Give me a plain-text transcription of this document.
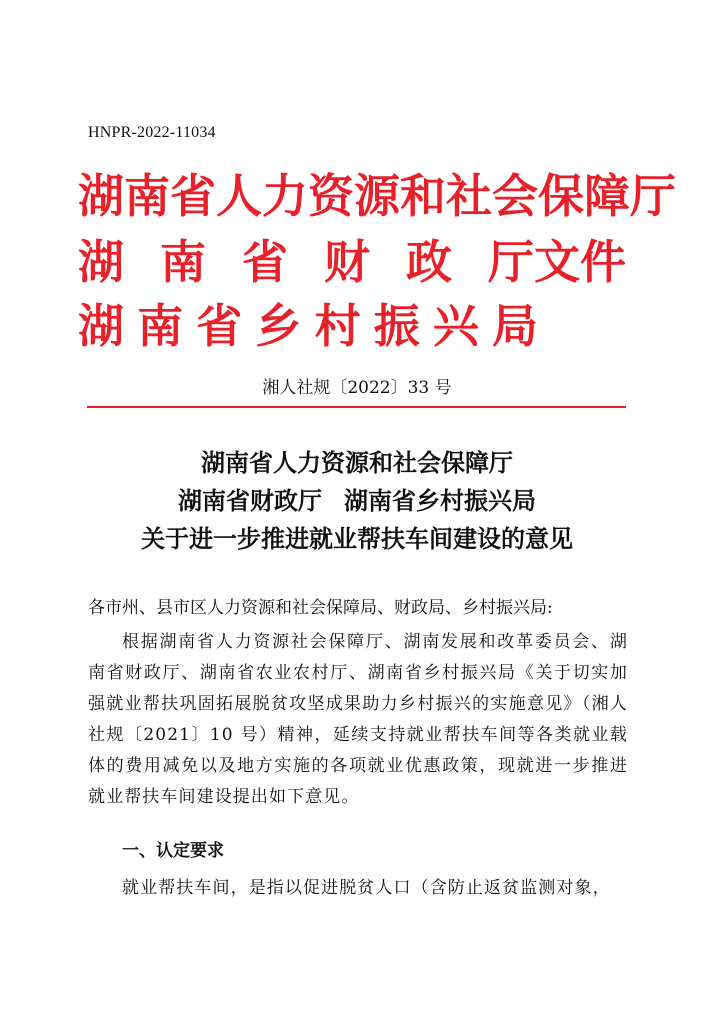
HNPR-2022-11034
湖南省人力资源和社会保障厅
湖 南 省 财 政 厅文件
湖 南 省 乡 村 振 兴 局
湘人社规〔2022〕33 号
湖南省人力资源和社会保障厅
湖南省财政厅 湖南省乡村振兴局
关于进一步推进就业帮扶车间建设的意见
各市州、县市区人力资源和社会保障局、财政局、乡村振兴局:
根据湖南省人力资源社会保障厅、湖南发展和改革委员会、湖南省财政厅、湖南省农业农村厅、湖南省乡村振兴局《关于切实加强就业帮扶巩固拓展脱贫攻坚成果助力乡村振兴的实施意见》（湘人社规〔2021〕10 号）精神，延续支持就业帮扶车间等各类就业载体的费用减免以及地方实施的各项就业优惠政策，现就进一步推进就业帮扶车间建设提出如下意见。
一、认定要求
就业帮扶车间，是指以促进脱贫人口（含防止返贫监测对象，
